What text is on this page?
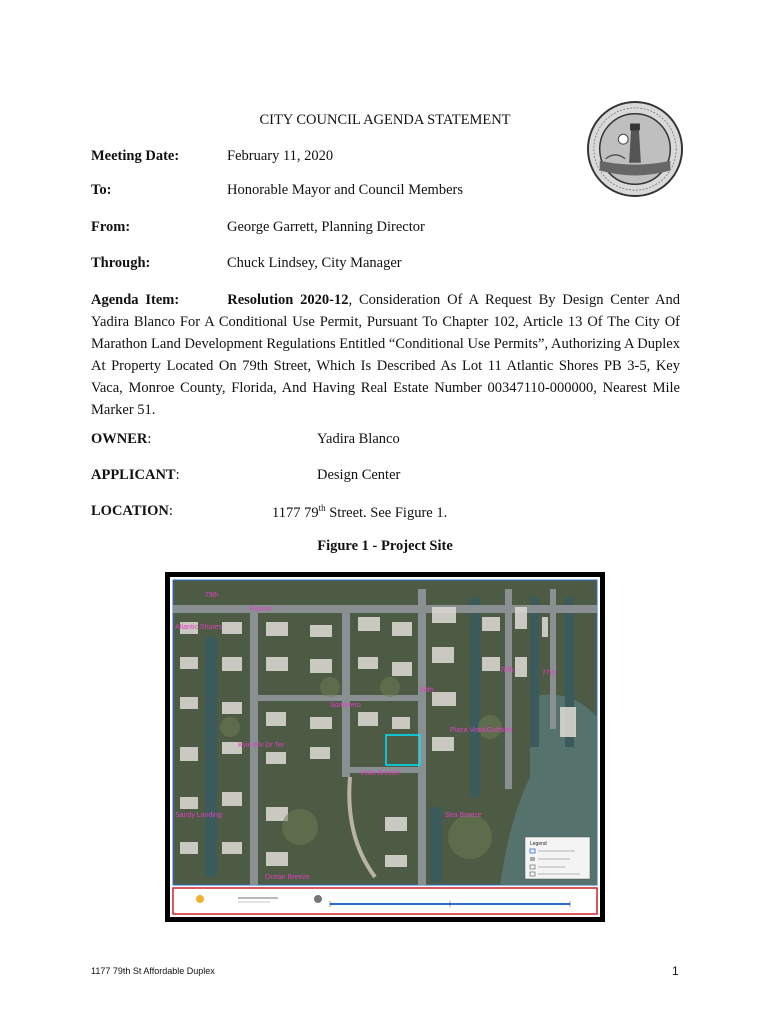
CITY COUNCIL AGENDA STATEMENT
Meeting Date:	February 11, 2020
To:	Honorable Mayor and Council Members
From:	George Garrett, Planning Director
Through:	Chuck Lindsey, City Manager
Agenda Item:	Resolution 2020-12, Consideration Of A Request By Design Center And Yadira Blanco For A Conditional Use Permit, Pursuant To Chapter 102, Article 13 Of The City Of Marathon Land Development Regulations Entitled “Conditional Use Permits”, Authorizing A Duplex At Property Located On 79th Street, Which Is Described As Lot 11 Atlantic Shores PB 3-5, Key Vaca, Monroe County, Florida, And Having Real Estate Number 00347110-000000, Nearest Mile Marker 51.
OWNER:	Yadira Blanco
APPLICANT:	Design Center
LOCATION:	1177 79th Street. See Figure 1.
Figure 1 - Project Site
79th
Palmer
Atlantic Shores
78th	77th
80th
Sombrero
Plaza Vista/Gulfside
Kyle Blv Dr Ter
Vista Breeze
Sandy Landing	Sea Breeze
Ocean Breeze
Legend
1177 79th St Affordable Duplex	1
